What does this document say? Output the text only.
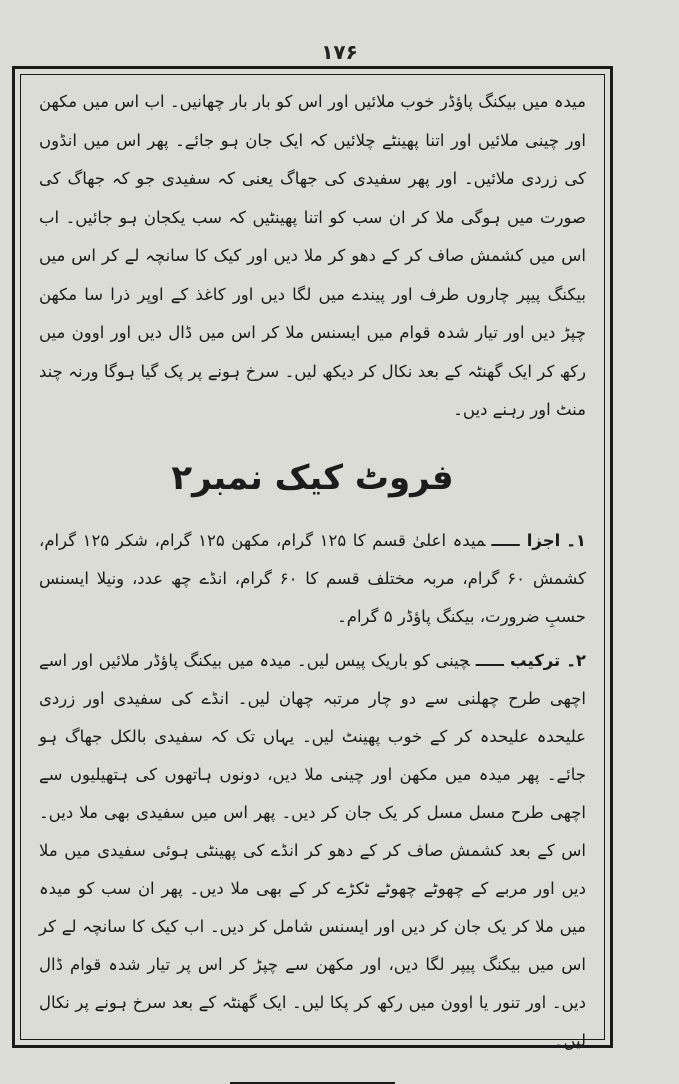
۱۷۶

میدہ میں بیکنگ پاؤڈر خوب ملائیں اور اس کو بار بار چھانیں۔ اب اس میں مکھن اور چینی ملائیں اور اتنا پھینٹے چلائیں کہ ایک جان ہو جائے۔ پھر اس میں انڈوں کی زردی ملائیں۔ اور پھر سفیدی کی جھاگ یعنی کہ سفیدی جو کہ جھاگ کی صورت میں ہوگی ملا کر ان سب کو اتنا پھینٹیں کہ سب یکجان ہو جائیں۔ اب اس میں کشمش صاف کر کے دھو کر ملا دیں اور کیک کا سانچہ لے کر اس میں بیکنگ پیپر چاروں طرف اور پیندے میں لگا دیں اور کاغذ کے اوپر ذرا سا مکھن چپڑ دیں اور تیار شدہ قوام میں ایسنس ملا کر اس میں ڈال دیں اور اوون میں رکھ کر ایک گھنٹہ کے بعد نکال کر دیکھ لیں۔ سرخ ہونے پر پک گیا ہوگا ورنہ چند منٹ اور رہنے دیں۔

فروٹ کیک نمبر۲

۱۔اجزا ـــــمیدہ اعلیٰ قسم کا ۱۲۵ گرام، مکھن ۱۲۵ گرام، شکر ۱۲۵ گرام، کشمش ۶۰ گرام، مربہ مختلف قسم کا ۶۰ گرام، انڈے چھ عدد، ونیلا ایسنس حسبِ ضرورت، بیکنگ پاؤڈر ۵ گرام۔

۲۔ترکیب ـــــچینی کو باریک پیس لیں۔ میدہ میں بیکنگ پاؤڈر ملائیں اور اسے اچھی طرح چھلنی سے دو چار مرتبہ چھان لیں۔ انڈے کی سفیدی اور زردی علیحدہ علیحدہ کر کے خوب پھینٹ لیں۔ یہاں تک کہ سفیدی بالکل جھاگ ہو جائے۔ پھر میدہ میں مکھن اور چینی ملا دیں، دونوں ہاتھوں کی ہتھیلیوں سے اچھی طرح مسل مسل کر یک جان کر دیں۔ پھر اس میں سفیدی بھی ملا دیں۔ اس کے بعد کشمش صاف کر کے دھو کر انڈے کی پھینٹی ہوئی سفیدی میں ملا دیں اور مربے کے چھوٹے چھوٹے ٹکڑے کر کے بھی ملا دیں۔ پھر ان سب کو میدہ میں ملا کر یک جان کر دیں اور ایسنس شامل کر دیں۔ اب کیک کا سانچہ لے کر اس میں بیکنگ پیپر لگا دیں، اور مکھن سے چپڑ کر اس پر تیار شدہ قوام ڈال دیں۔ اور تنور یا اوون میں رکھ کر پکا لیں۔ ایک گھنٹہ کے بعد سرخ ہونے پر نکال لیں۔
